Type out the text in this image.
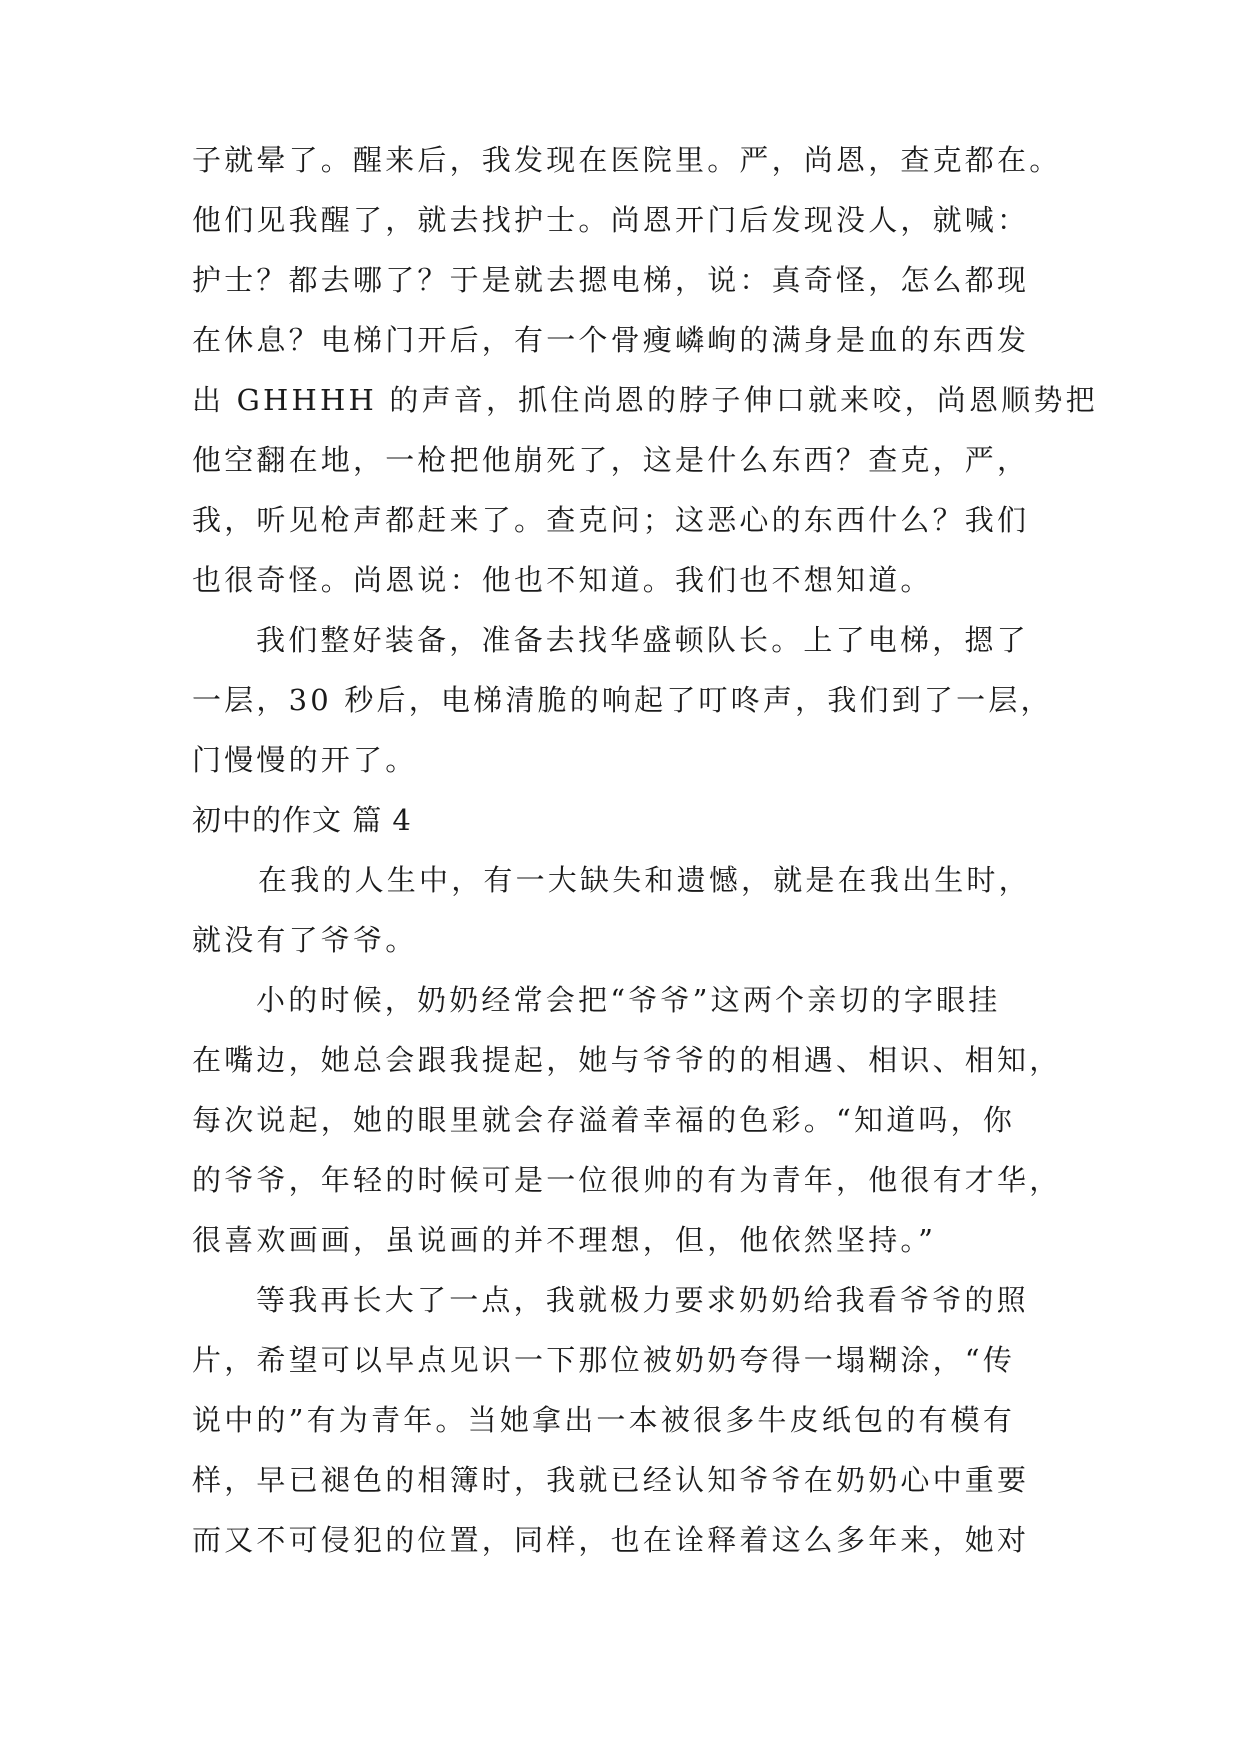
子就晕了。醒来后，我发现在医院里。严，尚恩，查克都在。
他们见我醒了，就去找护士。尚恩开门后发现没人，就喊：
护士？都去哪了？于是就去摁电梯，说：真奇怪，怎么都现
在休息？电梯门开后，有一个骨瘦嶙峋的满身是血的东西发
出 GHHHH 的声音，抓住尚恩的脖子伸口就来咬，尚恩顺势把
他空翻在地，一枪把他崩死了，这是什么东西？查克，严，
我，听见枪声都赶来了。查克问；这恶心的东西什么？我们
也很奇怪。尚恩说：他也不知道。我们也不想知道。
我们整好装备，准备去找华盛顿队长。上了电梯，摁了
一层，30 秒后，电梯清脆的响起了叮咚声，我们到了一层，
门慢慢的开了。
初中的作文 篇 4
在我的人生中，有一大缺失和遗憾，就是在我出生时，
就没有了爷爷。
小的时候，奶奶经常会把“爷爷”这两个亲切的字眼挂
在嘴边，她总会跟我提起，她与爷爷的的相遇、相识、相知，
每次说起，她的眼里就会存溢着幸福的色彩。“知道吗，你
的爷爷，年轻的时候可是一位很帅的有为青年，他很有才华，
很喜欢画画，虽说画的并不理想，但，他依然坚持。”
等我再长大了一点，我就极力要求奶奶给我看爷爷的照
片，希望可以早点见识一下那位被奶奶夸得一塌糊涂，“传
说中的”有为青年。当她拿出一本被很多牛皮纸包的有模有
样，早已褪色的相簿时，我就已经认知爷爷在奶奶心中重要
而又不可侵犯的位置，同样，也在诠释着这么多年来，她对
